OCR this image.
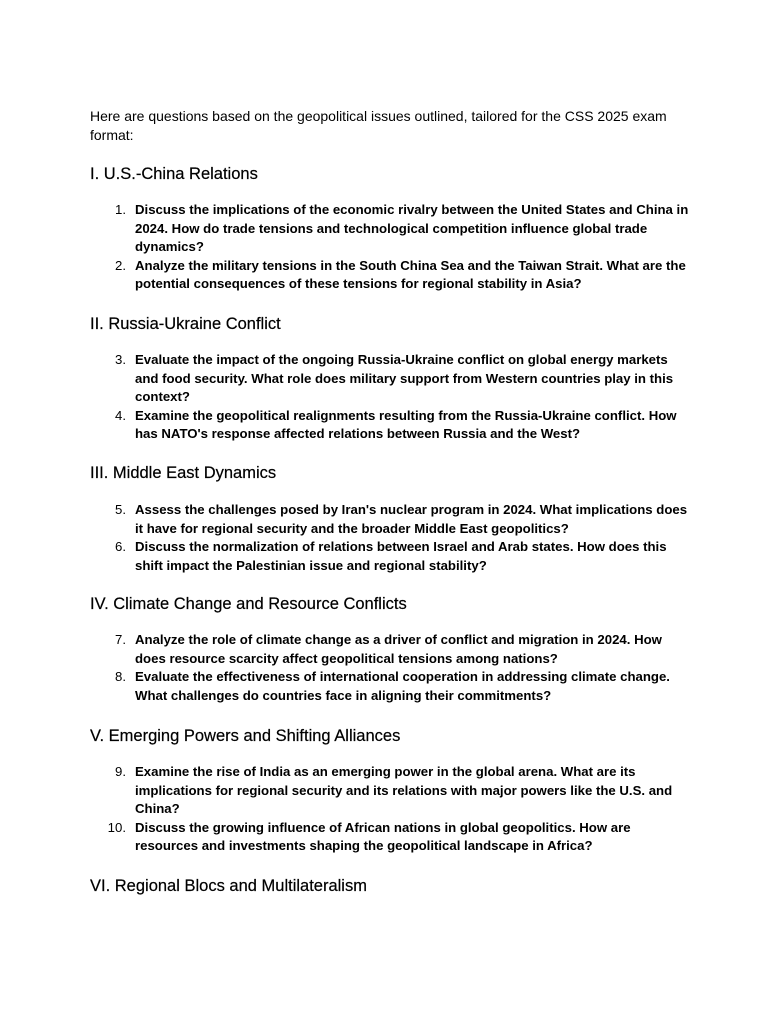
Here are questions based on the geopolitical issues outlined, tailored for the CSS 2025 exam format:

I. U.S.-China Relations
1. Discuss the implications of the economic rivalry between the United States and China in 2024. How do trade tensions and technological competition influence global trade dynamics?
2. Analyze the military tensions in the South China Sea and the Taiwan Strait. What are the potential consequences of these tensions for regional stability in Asia?
II. Russia-Ukraine Conflict
3. Evaluate the impact of the ongoing Russia-Ukraine conflict on global energy markets and food security. What role does military support from Western countries play in this context?
4. Examine the geopolitical realignments resulting from the Russia-Ukraine conflict. How has NATO's response affected relations between Russia and the West?
III. Middle East Dynamics
5. Assess the challenges posed by Iran's nuclear program in 2024. What implications does it have for regional security and the broader Middle East geopolitics?
6. Discuss the normalization of relations between Israel and Arab states. How does this shift impact the Palestinian issue and regional stability?
IV. Climate Change and Resource Conflicts
7. Analyze the role of climate change as a driver of conflict and migration in 2024. How does resource scarcity affect geopolitical tensions among nations?
8. Evaluate the effectiveness of international cooperation in addressing climate change. What challenges do countries face in aligning their commitments?
V. Emerging Powers and Shifting Alliances
9. Examine the rise of India as an emerging power in the global arena. What are its implications for regional security and its relations with major powers like the U.S. and China?
10. Discuss the growing influence of African nations in global geopolitics. How are resources and investments shaping the geopolitical landscape in Africa?
VI. Regional Blocs and Multilateralism
